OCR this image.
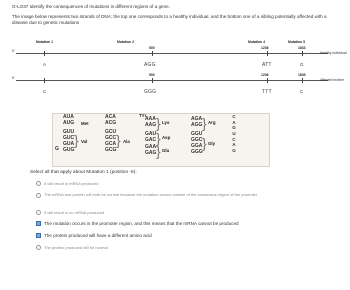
G-LO37 Identify the consequences of mutations in different regions of a gene.
The image below represents two strands of DNA: the top one corresponds to a healthy individual, and the bottom one of a sibling potentially affected with a disease due to genetic mutations
Mutation 1	Mutation 2	Mutation 4	Mutation 5
500	1236	1833
5'	Healthy individual
A	AGG	ATT	G
500	1236	1835
5'	Affected brother
C	GGG	TTT	C
G
AUA
AUG Met
GUU
GUC
GUA
GUG
} Val
ACA
ACG
GCU
GCC
GCA
GCG
} Ala
TYr
AAA
AAG } Lys
GAU
GAC } Asp
GAA
GAG } Glu
AGA
AGG } Arg
GGU
GGC
GGA
GGG
} Gly
C
A
G
U
C
A
G
Select all that apply about Mutation 1 (position -6):
It will result in mRNA produced
The mRNA and protein will both be normal because the mutation occurs outside of the consensus region of the promoter
It will result in no mRNA produced
The mutation occurs in the promoter region, and this means that the mRNA cannot be produced
The protein produced will have a different amino acid
The protein produced will be normal
